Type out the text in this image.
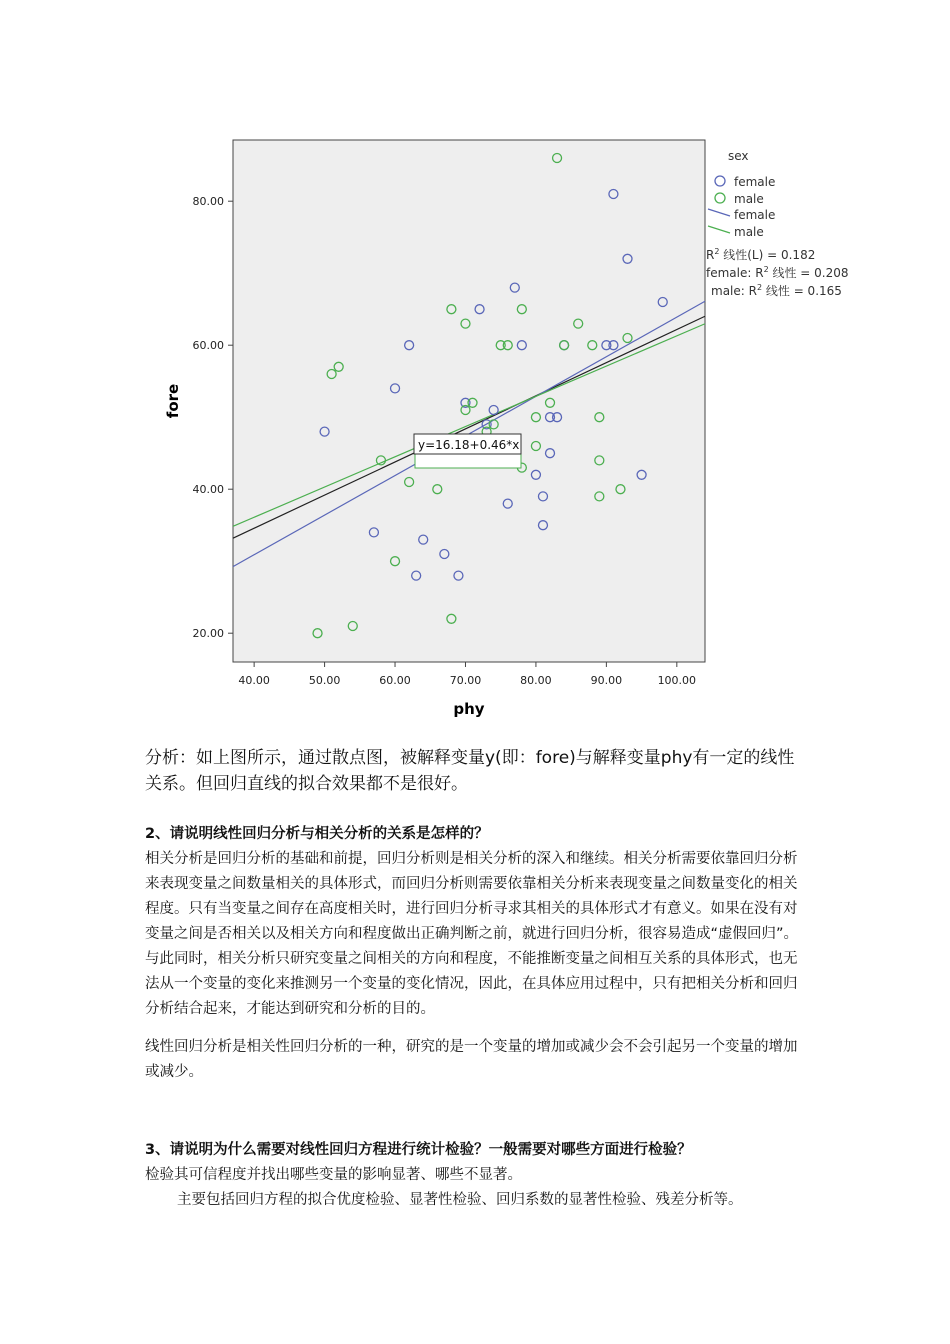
20.00
40.00
60.00
80.00
40.00	50.00	60.00	70.00	80.00	90.00	100.00
y=16.18+0.46*x
phy
fore
sex
female
male
female
male
$R^2$ 线性(L) = 0.182
female: $R^2$ 线性 = 0.208
male: $R^2$ 线性 = 0.165

分析：如上图所示，通过散点图，被解释变量y(即：fore)与解释变量phy有一定的线性关系。但回归直线的拟合效果都不是很好。

2、请说明线性回归分析与相关分析的关系是怎样的？

相关分析是回归分析的基础和前提，回归分析则是相关分析的深入和继续。相关分析需要依靠回归分析来表现变量之间数量相关的具体形式，而回归分析则需要依靠相关分析来表现变量之间数量变化的相关程度。只有当变量之间存在高度相关时，进行回归分析寻求其相关的具体形式才有意义。如果在没有对变量之间是否相关以及相关方向和程度做出正确判断之前，就进行回归分析，很容易造成“虚假回归”。与此同时，相关分析只研究变量之间相关的方向和程度，不能推断变量之间相互关系的具体形式，也无法从一个变量的变化来推测另一个变量的变化情况，因此，在具体应用过程中，只有把相关分析和回归分析结合起来，才能达到研究和分析的目的。

线性回归分析是相关性回归分析的一种，研究的是一个变量的增加或减少会不会引起另一个变量的增加或减少。

3、请说明为什么需要对线性回归方程进行统计检验？一般需要对哪些方面进行检验？

检验其可信程度并找出哪些变量的影响显著、哪些不显著。

主要包括回归方程的拟合优度检验、显著性检验、回归系数的显著性检验、残差分析等。
